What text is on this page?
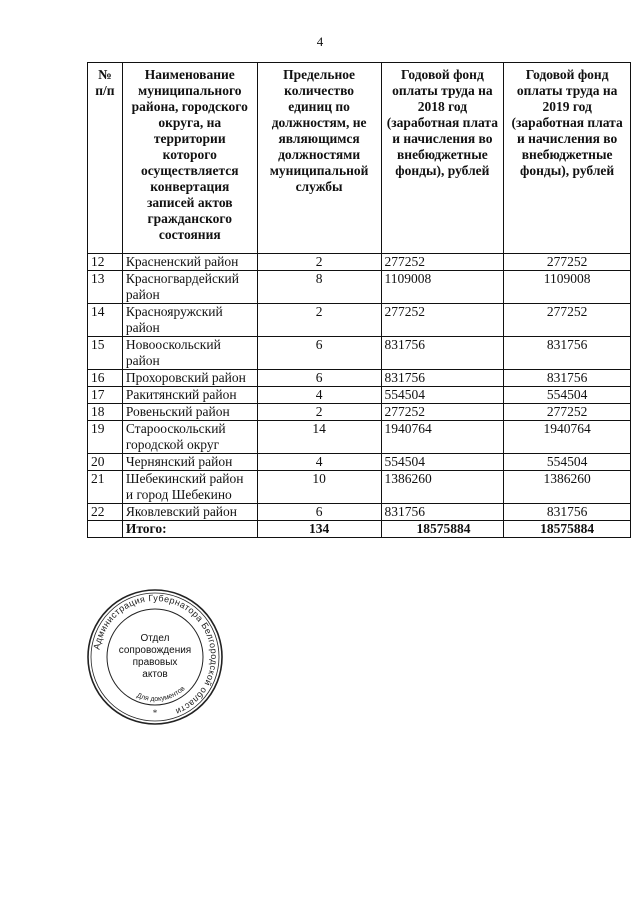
4
№ п/п	Наименование муниципального района, городского округа, на территории которого осуществляется конвертация записей актов гражданского состояния	Предельное количество единиц по должностям, не являющимся должностями муниципальной службы	Годовой фонд оплаты труда на 2018 год (заработная плата и начисления во внебюджетные фонды), рублей	Годовой фонд оплаты труда на 2019 год (заработная плата и начисления во внебюджетные фонды), рублей
12	Красненский район	2	277252	277252
13	Красногвардейский район	8	1109008	1109008
14	Краснояружский район	2	277252	277252
15	Новооскольский район	6	831756	831756
16	Прохоровский район	6	831756	831756
17	Ракитянский район	4	554504	554504
18	Ровеньский район	2	277252	277252
19	Старооскольский городской округ	14	1940764	1940764
20	Чернянский район	4	554504	554504
21	Шебекинский район и город Шебекино	10	1386260	1386260
22	Яковлевский район	6	831756	831756
	Итого:	134	18575884	18575884
Администрация Губернатора Белгородской области
Для документов
*
Отдел
сопровождения
правовых
актов
